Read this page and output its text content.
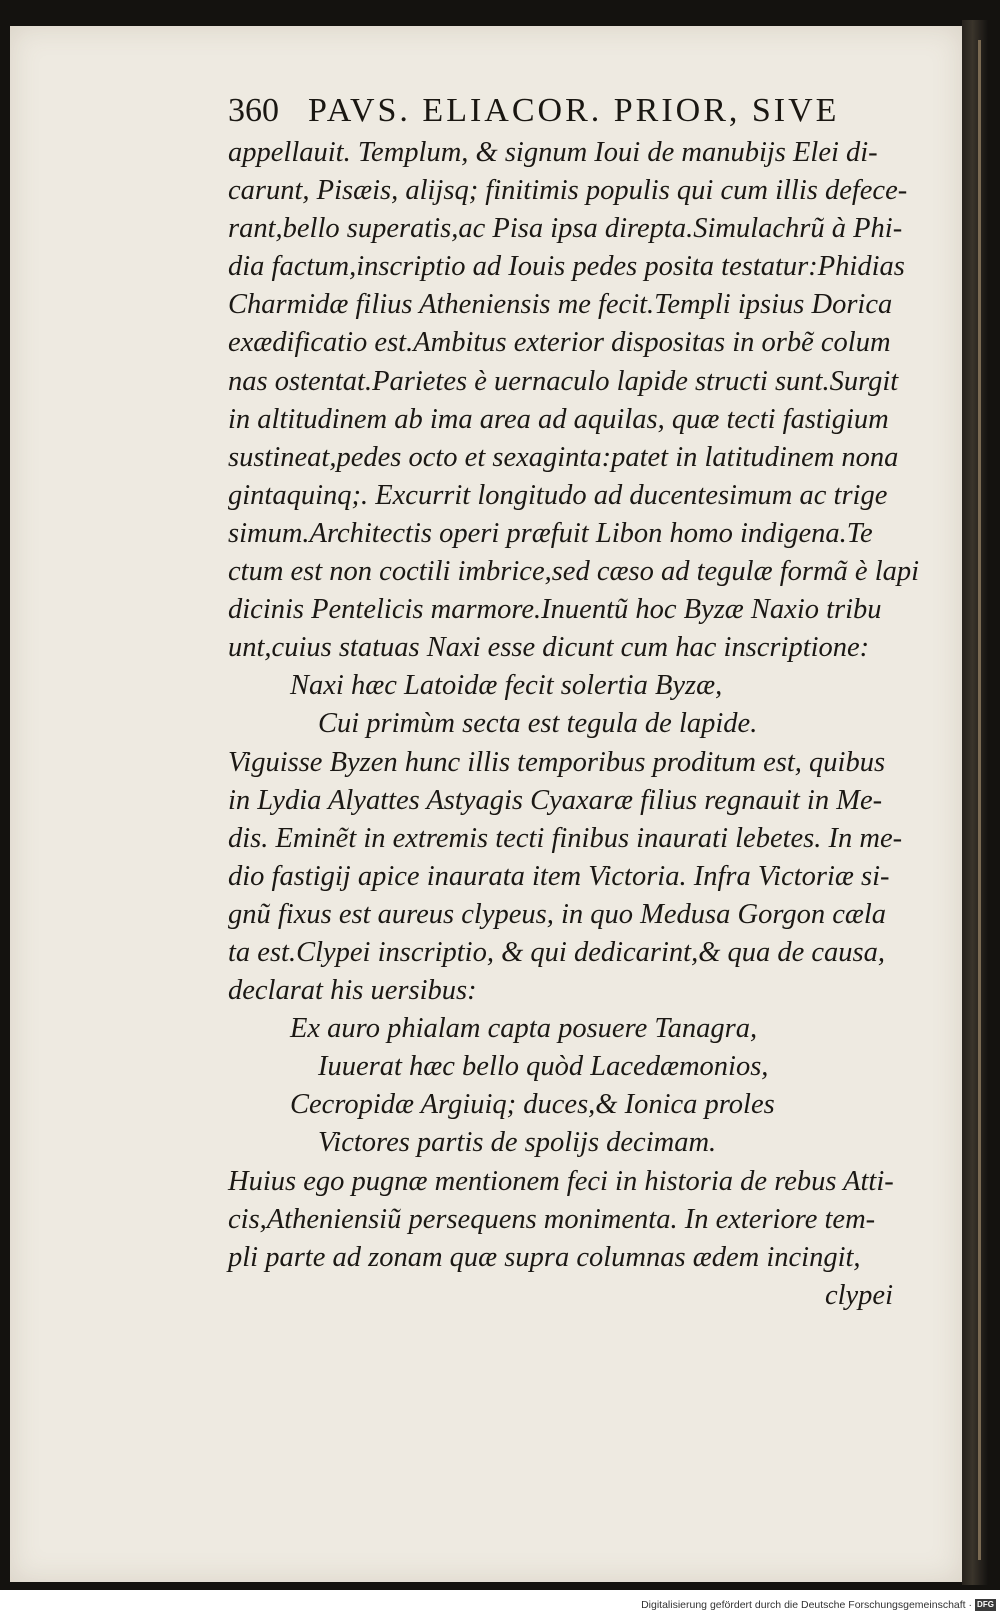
360 PAVS. ELIACOR. PRIOR, SIVE
appellauit. Templum, & signum Ioui de manubijs Elei di-
carunt, Pisæis, alijsq; finitimis populis qui cum illis defece-
rant,bello superatis,ac Pisa ipsa direpta.Simulachrũ à Phi-
dia factum,inscriptio ad Iouis pedes posita testatur:Phidias
Charmidæ filius Atheniensis me fecit.Templi ipsius Dorica
exædificatio est.Ambitus exterior dispositas in orbẽ colum
nas ostentat.Parietes è uernaculo lapide structi sunt.Surgit
in altitudinem ab ima area ad aquilas, quæ tecti fastigium
sustineat,pedes octo et sexaginta:patet in latitudinem nona
gintaquinq;. Excurrit longitudo ad ducentesimum ac trige
simum.Architectis operi præfuit Libon homo indigena.Te
ctum est non coctili imbrice,sed cæso ad tegulæ formã è lapi
dicinis Pentelicis marmore.Inuentũ hoc Byzæ Naxio tribu
unt,cuius statuas Naxi esse dicunt cum hac inscriptione:
Naxi hæc Latoidæ fecit solertia Byzæ,
Cui primùm secta est tegula de lapide.
Viguisse Byzen hunc illis temporibus proditum est, quibus
in Lydia Alyattes Astyagis Cyaxaræ filius regnauit in Me-
dis. Eminẽt in extremis tecti finibus inaurati lebetes. In me-
dio fastigij apice inaurata item Victoria. Infra Victoriæ si-
gnũ fixus est aureus clypeus, in quo Medusa Gorgon cæla
ta est.Clypei inscriptio, & qui dedicarint,& qua de causa,
declarat his uersibus:
Ex auro phialam capta posuere Tanagra,
Iuuerat hæc bello quòd Lacedæmonios,
Cecropidæ Argiuiq; duces,& Ionica proles
Victores partis de spolijs decimam.
Huius ego pugnæ mentionem feci in historia de rebus Atti-
cis,Atheniensiũ persequens monimenta. In exteriore tem-
pli parte ad zonam quæ supra columnas ædem incingit,
clypei
Digitalisierung gefördert durch die Deutsche Forschungsgemeinschaft · DFG
